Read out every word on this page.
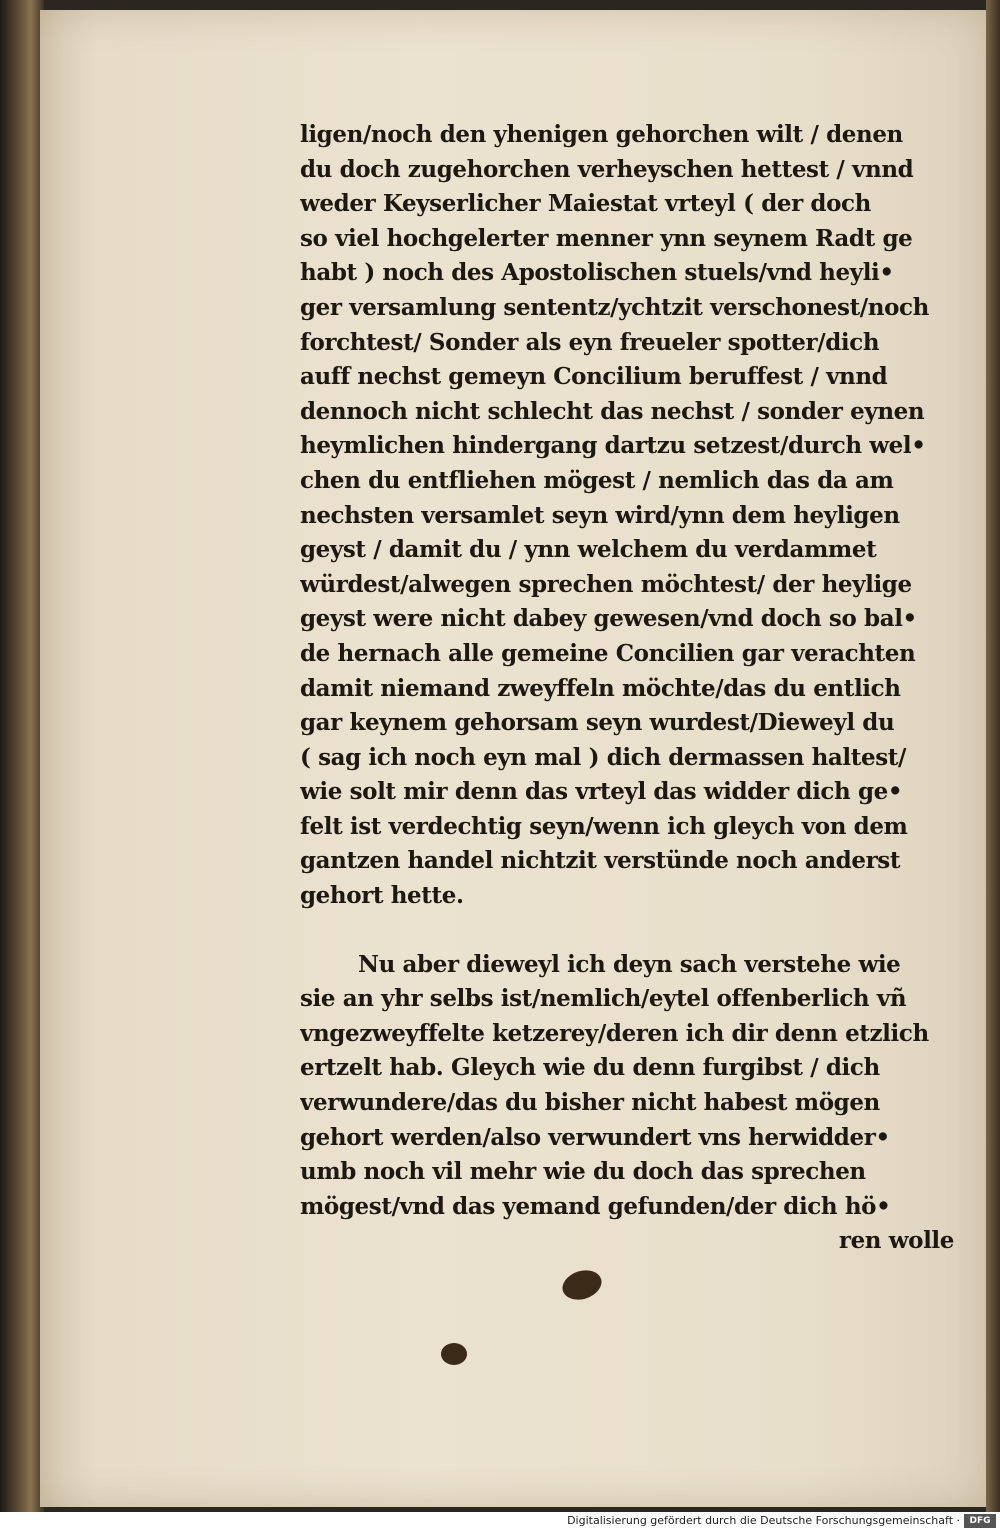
ligen/noch den yhenigen gehorchen wilt / denen
du doch zugehorchen verheyschen hettest / vnnd
weder Keyserlicher Maiestat vrteyl ( der doch
so viel hochgelerter menner ynn seynem Radt ge
habt ) noch des Apostolischen stuels/vnd heyli•
ger versamlung sententz/ychtzit verschonest/noch
forchtest/ Sonder als eyn freueler spotter/dich
auff nechst gemeyn Concilium beruffest / vnnd
dennoch nicht schlecht das nechst / sonder eynen
heymlichen hindergang dartzu setzest/durch wel•
chen du entfliehen mögest / nemlich das da am
nechsten versamlet seyn wird/ynn dem heyligen
geyst / damit du / ynn welchem du verdammet
würdest/alwegen sprechen möchtest/ der heylige
geyst were nicht dabey gewesen/vnd doch so bal•
de hernach alle gemeine Concilien gar verachten
damit niemand zweyffeln möchte/das du entlich
gar keynem gehorsam seyn wurdest/Dieweyl du
( sag ich noch eyn mal ) dich dermassen haltest/
wie solt mir denn das vrteyl das widder dich ge•
felt ist verdechtig seyn/wenn ich gleych von dem
gantzen handel nichtzit verstünde noch anderst
gehort hette.
Nu aber dieweyl ich deyn sach verstehe wie
sie an yhr selbs ist/nemlich/eytel offenberlich vñ
vngezweyffelte ketzerey/deren ich dir denn etzlich
ertzelt hab. Gleych wie du denn furgibst / dich
verwundere/das du bisher nicht habest mögen
gehort werden/also verwundert vns herwidder•
umb noch vil mehr wie du doch das sprechen
mögest/vnd das yemand gefunden/der dich hö•
ren wolle
Digitalisierung gefördert durch die Deutsche Forschungsgemeinschaft ·	DFG
